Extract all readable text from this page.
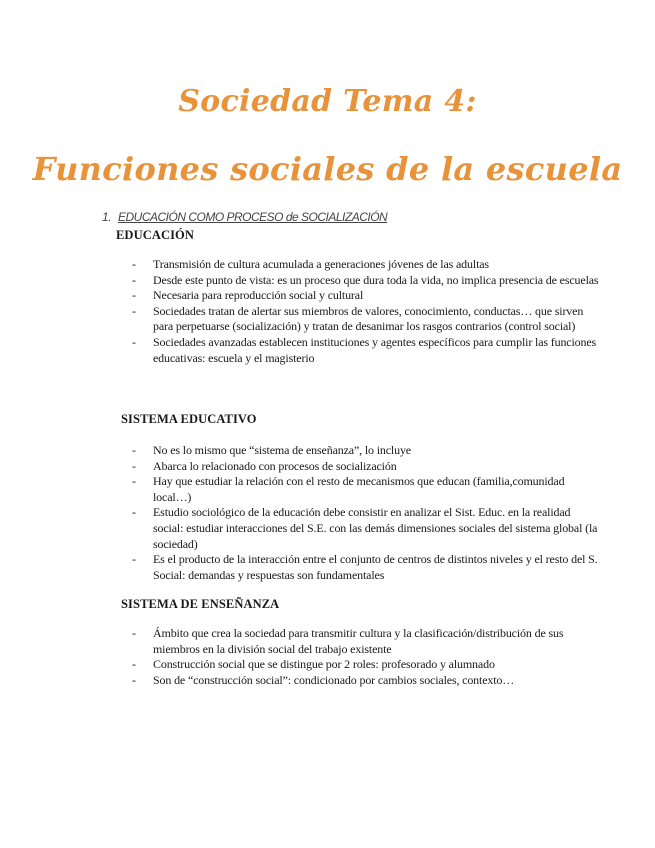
Sociedad Tema 4:
Funciones sociales de la escuela
1. EDUCACIÓN COMO PROCESO de SOCIALIZACIÓN
EDUCACIÓN
- Transmisión de cultura acumulada a generaciones jóvenes de las adultas
- Desde este punto de vista: es un proceso que dura toda la vida, no implica presencia de escuelas
- Necesaria para reproducción social y cultural
- Sociedades tratan de alertar sus miembros de valores, conocimiento, conductas… que sirven para perpetuarse (socialización) y tratan de desanimar los rasgos contrarios (control social)
- Sociedades avanzadas establecen instituciones y agentes específicos para cumplir las funciones educativas: escuela y el magisterio
SISTEMA EDUCATIVO
- No es lo mismo que “sistema de enseñanza”, lo incluye
- Abarca lo relacionado con procesos de socialización
- Hay que estudiar la relación con el resto de mecanismos que educan (familia,comunidad local…)
- Estudio sociológico de la educación debe consistir en analizar el Sist. Educ. en la realidad social: estudiar interacciones del S.E. con las demás dimensiones sociales del sistema global (la sociedad)
- Es el producto de la interacción entre el conjunto de centros de distintos niveles y el resto del S. Social: demandas y respuestas son fundamentales
SISTEMA DE ENSEÑANZA
- Ámbito que crea la sociedad para transmitir cultura y la clasificación/distribución de sus miembros en la división social del trabajo existente
- Construcción social que se distingue por 2 roles: profesorado y alumnado
- Son de “construcción social”: condicionado por cambios sociales, contexto…
